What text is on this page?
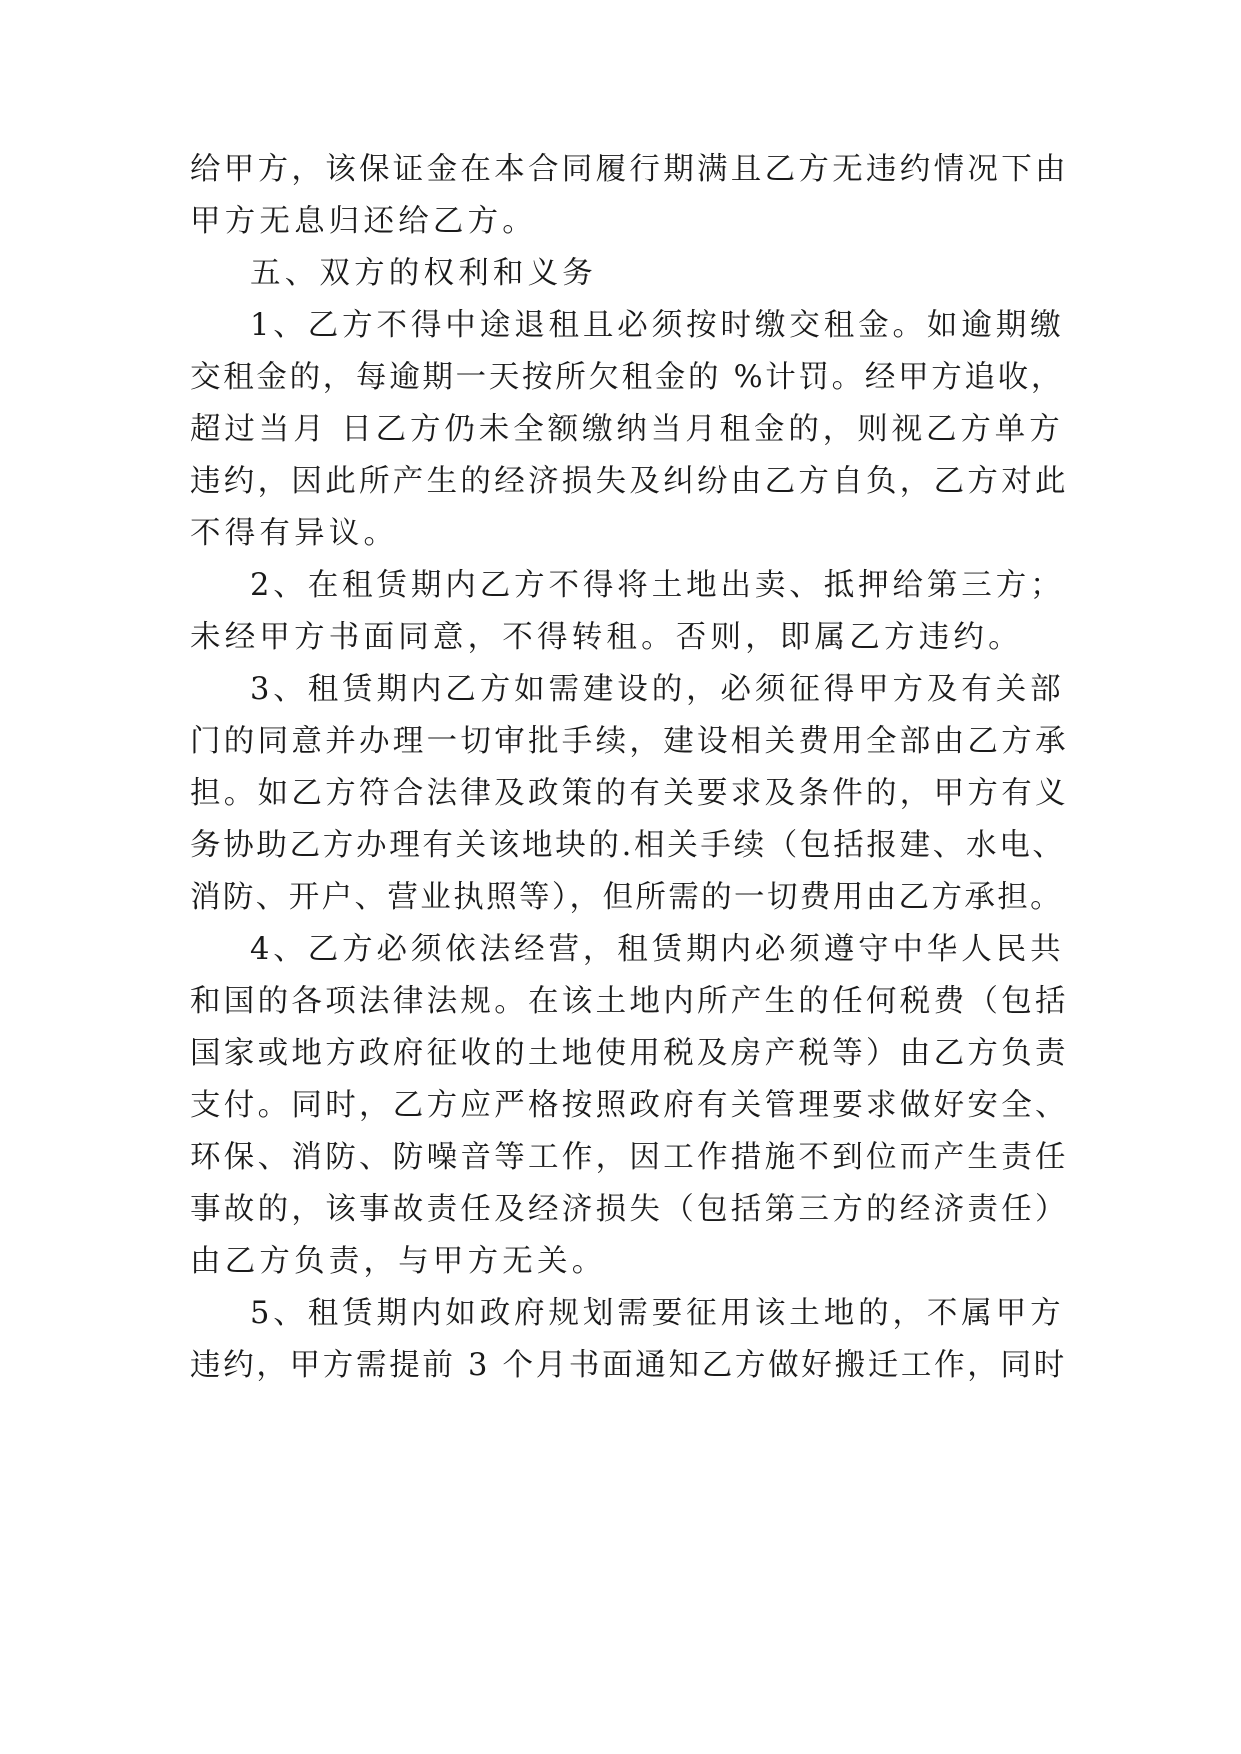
给甲方，该保证金在本合同履行期满且乙方无违约情况下由
甲方无息归还给乙方。
五、双方的权利和义务
1、乙方不得中途退租且必须按时缴交租金。如逾期缴
交租金的，每逾期一天按所欠租金的 %计罚。经甲方追收，
超过当月 日乙方仍未全额缴纳当月租金的，则视乙方单方
违约，因此所产生的经济损失及纠纷由乙方自负，乙方对此
不得有异议。
2、在租赁期内乙方不得将土地出卖、抵押给第三方；
未经甲方书面同意，不得转租。否则，即属乙方违约。
3、租赁期内乙方如需建设的，必须征得甲方及有关部
门的同意并办理一切审批手续，建设相关费用全部由乙方承
担。如乙方符合法律及政策的有关要求及条件的，甲方有义
务协助乙方办理有关该地块的.相关手续（包括报建、水电、
消防、开户、营业执照等），但所需的一切费用由乙方承担。
4、乙方必须依法经营，租赁期内必须遵守中华人民共
和国的各项法律法规。在该土地内所产生的任何税费（包括
国家或地方政府征收的土地使用税及房产税等）由乙方负责
支付。同时，乙方应严格按照政府有关管理要求做好安全、
环保、消防、防噪音等工作，因工作措施不到位而产生责任
事故的，该事故责任及经济损失（包括第三方的经济责任）
由乙方负责，与甲方无关。
5、租赁期内如政府规划需要征用该土地的，不属甲方
违约，甲方需提前 3 个月书面通知乙方做好搬迁工作，同时
